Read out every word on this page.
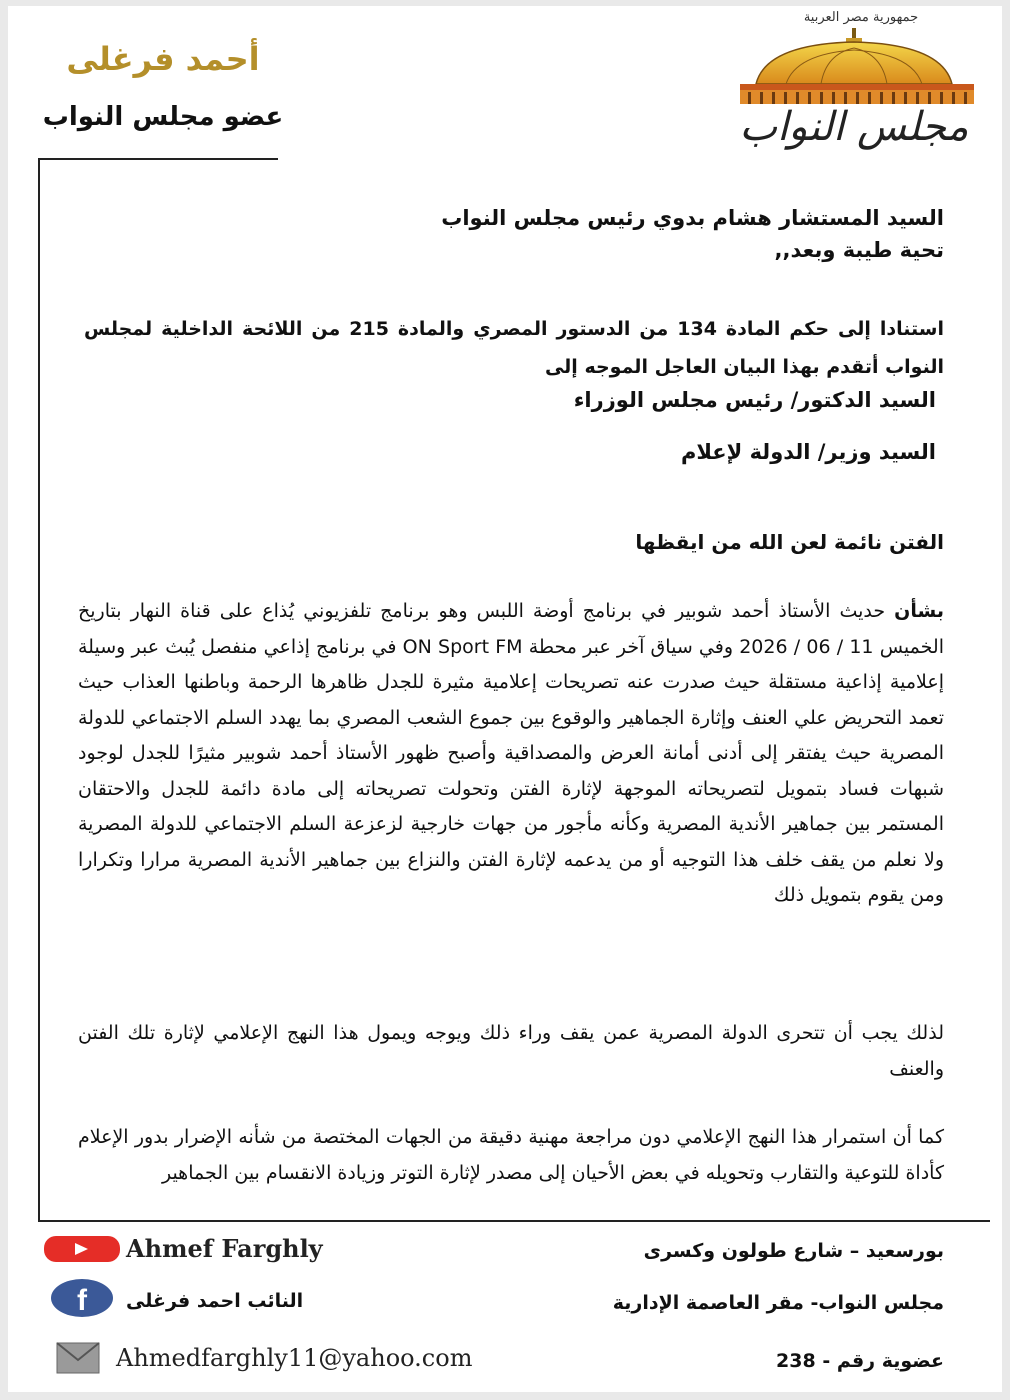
أحمد فرغلى
عضو مجلس النواب
جمهورية مصر العربية
مجلس النواب
السيد المستشار هشام بدوي رئيس مجلس النواب
تحية طيبة وبعد,,
استنادا إلى حكم المادة 134 من الدستور المصري والمادة 215 من اللائحة الداخلية لمجلس النواب أتقدم بهذا البيان العاجل الموجه إلى
السيد الدكتور/ رئيس مجلس الوزراء
السيد وزير/ الدولة لإعلام
الفتن نائمة لعن الله من ايقظها
بشأن حديث الأستاذ أحمد شوبير في برنامج أوضة اللبس وهو برنامج تلفزيوني يُذاع على قناة النهار بتاريخ الخميس 11 / 06 / 2026 وفي سياق آخر عبر محطة ON Sport FM في برنامج إذاعي منفصل يُبث عبر وسيلة إعلامية إذاعية مستقلة حيث صدرت عنه تصريحات إعلامية مثيرة للجدل ظاهرها الرحمة وباطنها العذاب حيث تعمد التحريض علي العنف وإثارة الجماهير والوقوع بين جموع الشعب المصري بما يهدد السلم الاجتماعي للدولة المصرية حيث يفتقر إلى أدنى أمانة العرض والمصداقية وأصبح ظهور الأستاذ أحمد شوبير مثيرًا للجدل لوجود شبهات فساد بتمويل لتصريحاته الموجهة لإثارة الفتن وتحولت تصريحاته إلى مادة دائمة للجدل والاحتقان المستمر بين جماهير الأندية المصرية وكأنه مأجور من جهات خارجية لزعزعة السلم الاجتماعي للدولة المصرية ولا نعلم من يقف خلف هذا التوجيه أو من يدعمه لإثارة الفتن والنزاع بين جماهير الأندية المصرية مرارا وتكرارا ومن يقوم بتمويل ذلك
لذلك يجب أن تتحرى الدولة المصرية عمن يقف وراء ذلك ويوجه ويمول هذا النهج الإعلامي لإثارة تلك الفتن والعنف
كما أن استمرار هذا النهج الإعلامي دون مراجعة مهنية دقيقة من الجهات المختصة من شأنه الإضرار بدور الإعلام كأداة للتوعية والتقارب وتحويله في بعض الأحيان إلى مصدر لإثارة التوتر وزيادة الانقسام بين الجماهير
بورسعيد – شارع طولون وكسرى
مجلس النواب- مقر العاصمة الإدارية
عضوية رقم - 238
Ahmef Farghly
f النائب احمد فرغلى
Ahmedfarghly11@yahoo.com
